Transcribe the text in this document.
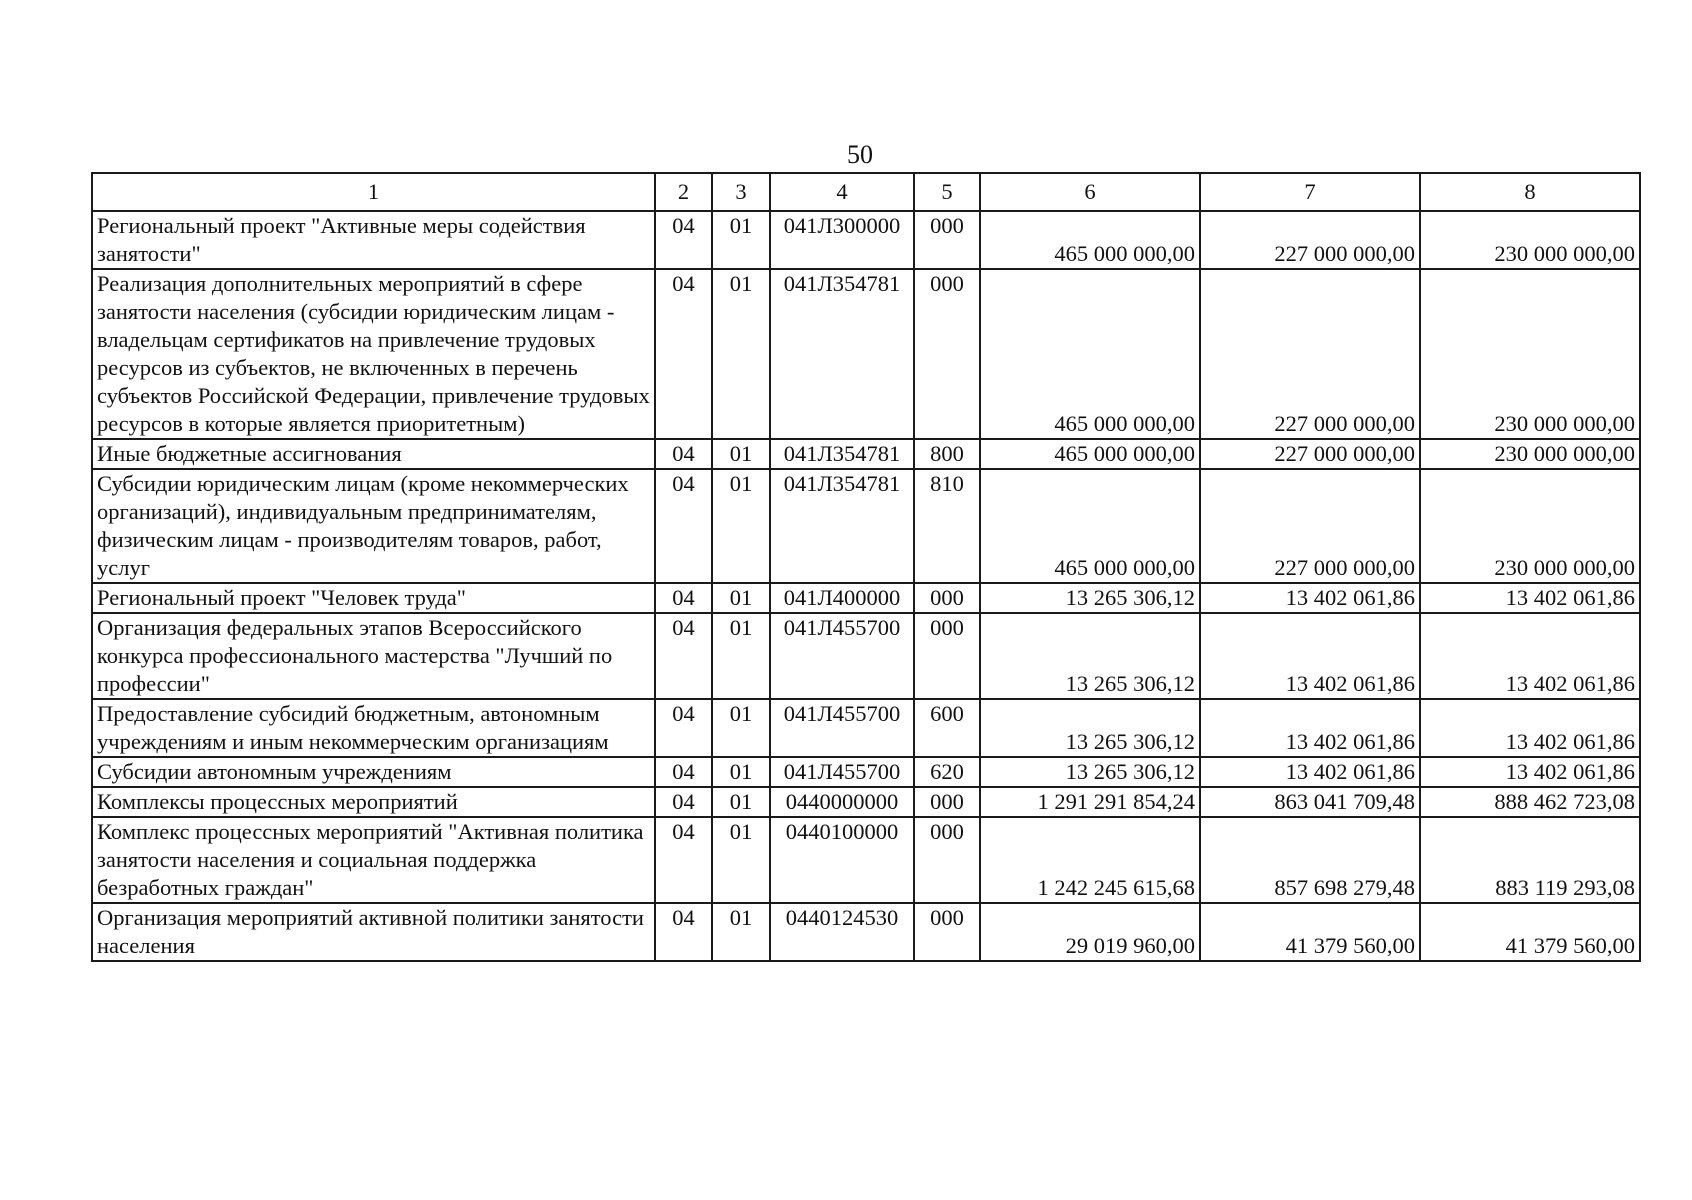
50
1	2	3	4	5	6	7	8
Региональный проект "Активные меры содействия занятости"	04	01	041Л300000	000	465 000 000,00	227 000 000,00	230 000 000,00
Реализация дополнительных мероприятий в сфере занятости населения (субсидии юридическим лицам - владельцам сертификатов на привлечение трудовых ресурсов из субъектов, не включенных в перечень субъектов Российской Федерации, привлечение трудовых ресурсов в которые является приоритетным)	04	01	041Л354781	000	465 000 000,00	227 000 000,00	230 000 000,00
Иные бюджетные ассигнования	04	01	041Л354781	800	465 000 000,00	227 000 000,00	230 000 000,00
Субсидии юридическим лицам (кроме некоммерческих организаций), индивидуальным предпринимателям, физическим лицам - производителям товаров, работ, услуг	04	01	041Л354781	810	465 000 000,00	227 000 000,00	230 000 000,00
Региональный проект "Человек труда"	04	01	041Л400000	000	13 265 306,12	13 402 061,86	13 402 061,86
Организация федеральных этапов Всероссийского конкурса профессионального мастерства "Лучший по профессии"	04	01	041Л455700	000	13 265 306,12	13 402 061,86	13 402 061,86
Предоставление субсидий бюджетным, автономным учреждениям и иным некоммерческим организациям	04	01	041Л455700	600	13 265 306,12	13 402 061,86	13 402 061,86
Субсидии автономным учреждениям	04	01	041Л455700	620	13 265 306,12	13 402 061,86	13 402 061,86
Комплексы процессных мероприятий	04	01	0440000000	000	1 291 291 854,24	863 041 709,48	888 462 723,08
Комплекс процессных мероприятий "Активная политика занятости населения и социальная поддержка безработных граждан"	04	01	0440100000	000	1 242 245 615,68	857 698 279,48	883 119 293,08
Организация мероприятий активной политики занятости населения	04	01	0440124530	000	29 019 960,00	41 379 560,00	41 379 560,00
